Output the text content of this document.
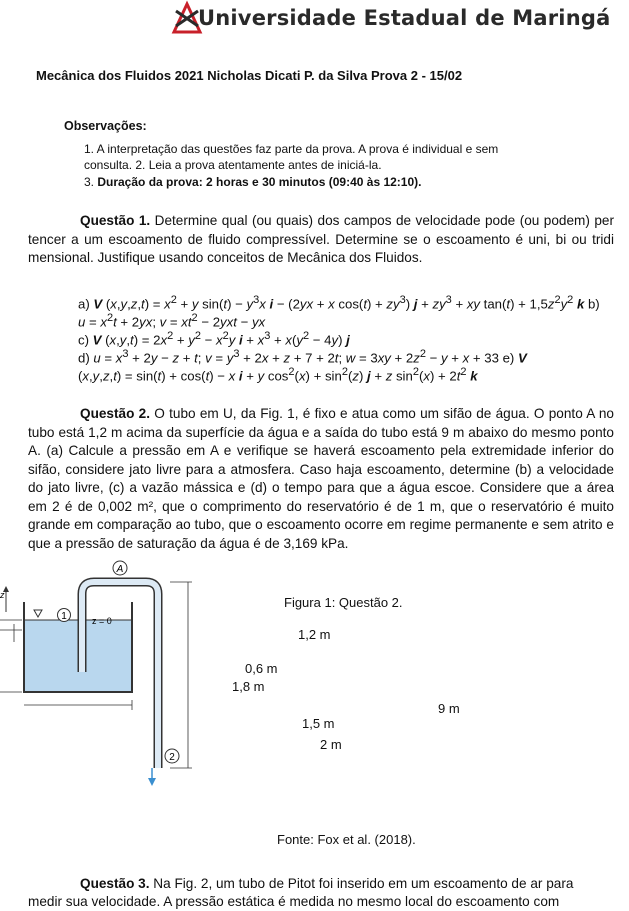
Universidade Estadual de Maringá
Mecânica dos Fluidos 2021 Nicholas Dicati P. da Silva Prova 2 - 15/02
Observações:
1. A interpretação das questões faz parte da prova. A prova é individual e sem
consulta. 2. Leia a prova atentamente antes de iniciá-la.
3. Duração da prova: 2 horas e 30 minutos (09:40 às 12:10).
Questão 1. Determine qual (ou quais) dos campos de velocidade pode (ou podem) per tencer a um escoamento de fluido compressível. Determine se o escoamento é uni, bi ou tridi mensional. Justifique usando conceitos de Mecânica dos Fluidos.
a) V $(x,y,z,t) = x^2 + y$ $\sin(t) - y^3x$ i − (2yx + x $\cos(t) + zy^3$) $j + zy^3$ + xy $\tan(t) + 1,5z^2y^2$ k b)
$u = x^2t + 2yx$; $v = xt^2 - 2yxt$ − yx
c) V $(x,y,t) = 2x^2 + y^2 - x^2y$ $i + x^3 + x(y^2 - 4y)$ j
d) $u = x^3 + 2y - z + t$; $v = y^3 + 2x + z + 7 + 2t$; $w = 3xy + 2z^2 - y + x + 33$ e) V
(x,y,z,t) = sin(t) + cos(t) − x i + y $\cos^2(x) + \sin^2(z) j + z$ $\sin^2(x) + 2t^2$ k
Questão 2. O tubo em U, da Fig. 1, é fixo e atua como um sifão de água. O ponto A no tubo está 1,2 m acima da superfície da água e a saída do tubo está 9 m abaixo do mesmo ponto A. (a) Calcule a pressão em A e verifique se haverá escoamento pela extremidade inferior do sifão, considere jato livre para a atmosfera. Caso haja escoamento, determine (b) a velocidade do jato livre, (c) a vazão mássica e (d) o tempo para que a água escoe. Considere que a área em 2 é de 0,002 m², que o comprimento do reservatório é de 1 m, que o reservatório é muito grande em comparação ao tubo, que o escoamento ocorre em regime permanente e sem atrito e que a pressão de saturação da água é de 3,169 kPa.
1
A
2
z = 0
z	Figura 1: Questão 2.
1,2 m
0,6 m
1,8 m
9 m
1,5 m
2 m
Fonte: Fox et al. (2018).
Questão 3. Na Fig. 2, um tubo de Pitot foi inserido em um escoamento de ar para
medir sua velocidade. A pressão estática é medida no mesmo local do escoamento com
